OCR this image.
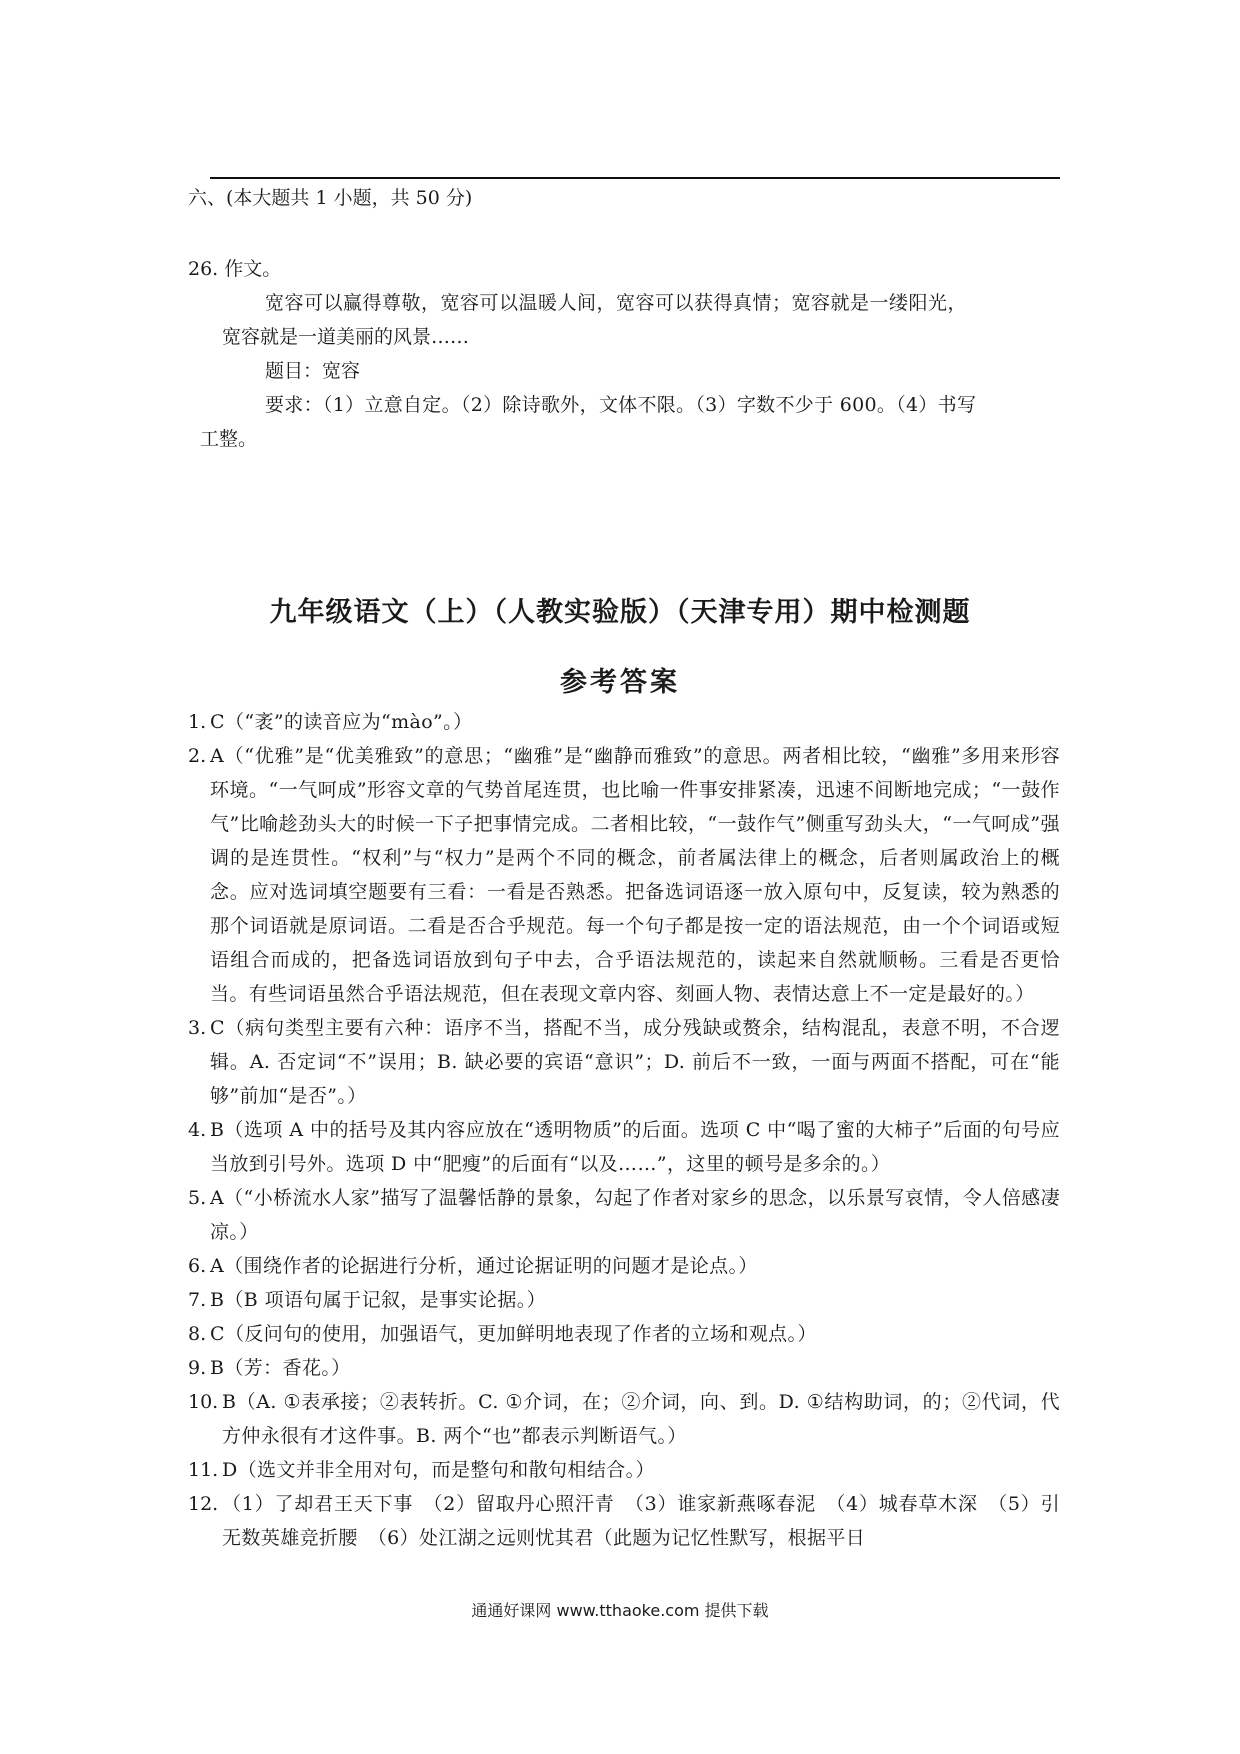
六、(本大题共 1 小题，共 50 分)
26. 作文。
宽容可以赢得尊敬，宽容可以温暖人间，宽容可以获得真情；宽容就是一缕阳光，
宽容就是一道美丽的风景……
题目：宽容
要求：（1）立意自定。（2）除诗歌外，文体不限。（3）字数不少于 600。（4）书写
工整。
九年级语文（上）（人教实验版）（天津专用）期中检测题
参考答案
1. C（“袤”的读音应为“mào”。）
2. A（“优雅”是“优美雅致”的意思；“幽雅”是“幽静而雅致”的意思。两者相比较，“幽雅”多用来形容环境。“一气呵成”形容文章的气势首尾连贯，也比喻一件事安排紧凑，迅速不间断地完成；“一鼓作气”比喻趁劲头大的时候一下子把事情完成。二者相比较，“一鼓作气”侧重写劲头大，“一气呵成”强调的是连贯性。“权利”与“权力”是两个不同的概念，前者属法律上的概念，后者则属政治上的概念。应对选词填空题要有三看：一看是否熟悉。把备选词语逐一放入原句中，反复读，较为熟悉的那个词语就是原词语。二看是否合乎规范。每一个句子都是按一定的语法规范，由一个个词语或短语组合而成的，把备选词语放到句子中去，合乎语法规范的，读起来自然就顺畅。三看是否更恰当。有些词语虽然合乎语法规范，但在表现文章内容、刻画人物、表情达意上不一定是最好的。）
3. C（病句类型主要有六种：语序不当，搭配不当，成分残缺或赘余，结构混乱，表意不明，不合逻辑。A. 否定词“不”误用；B. 缺必要的宾语“意识”；D. 前后不一致，一面与两面不搭配，可在“能够”前加“是否”。）
4. B（选项 A 中的括号及其内容应放在“透明物质”的后面。选项 C 中“喝了蜜的大柿子”后面的句号应当放到引号外。选项 D 中“肥瘦”的后面有“以及……”，这里的顿号是多余的。）
5. A（“小桥流水人家”描写了温馨恬静的景象，勾起了作者对家乡的思念，以乐景写哀情，令人倍感凄凉。）
6. A（围绕作者的论据进行分析，通过论据证明的问题才是论点。）
7. B（B 项语句属于记叙，是事实论据。）
8. C（反问句的使用，加强语气，更加鲜明地表现了作者的立场和观点。）
9. B（芳：香花。）
10. B（A. ①表承接；②表转折。C. ①介词，在；②介词，向、到。D. ①结构助词，的；②代词，代方仲永很有才这件事。B. 两个“也”都表示判断语气。）
11. D（选文并非全用对句，而是整句和散句相结合。）
12. （1）了却君王天下事　（2）留取丹心照汗青　（3）谁家新燕啄春泥　（4）城春草木深　（5）引无数英雄竞折腰　（6）处江湖之远则忧其君（此题为记忆性默写，根据平日
通通好课网 www.tthaoke.com 提供下载
